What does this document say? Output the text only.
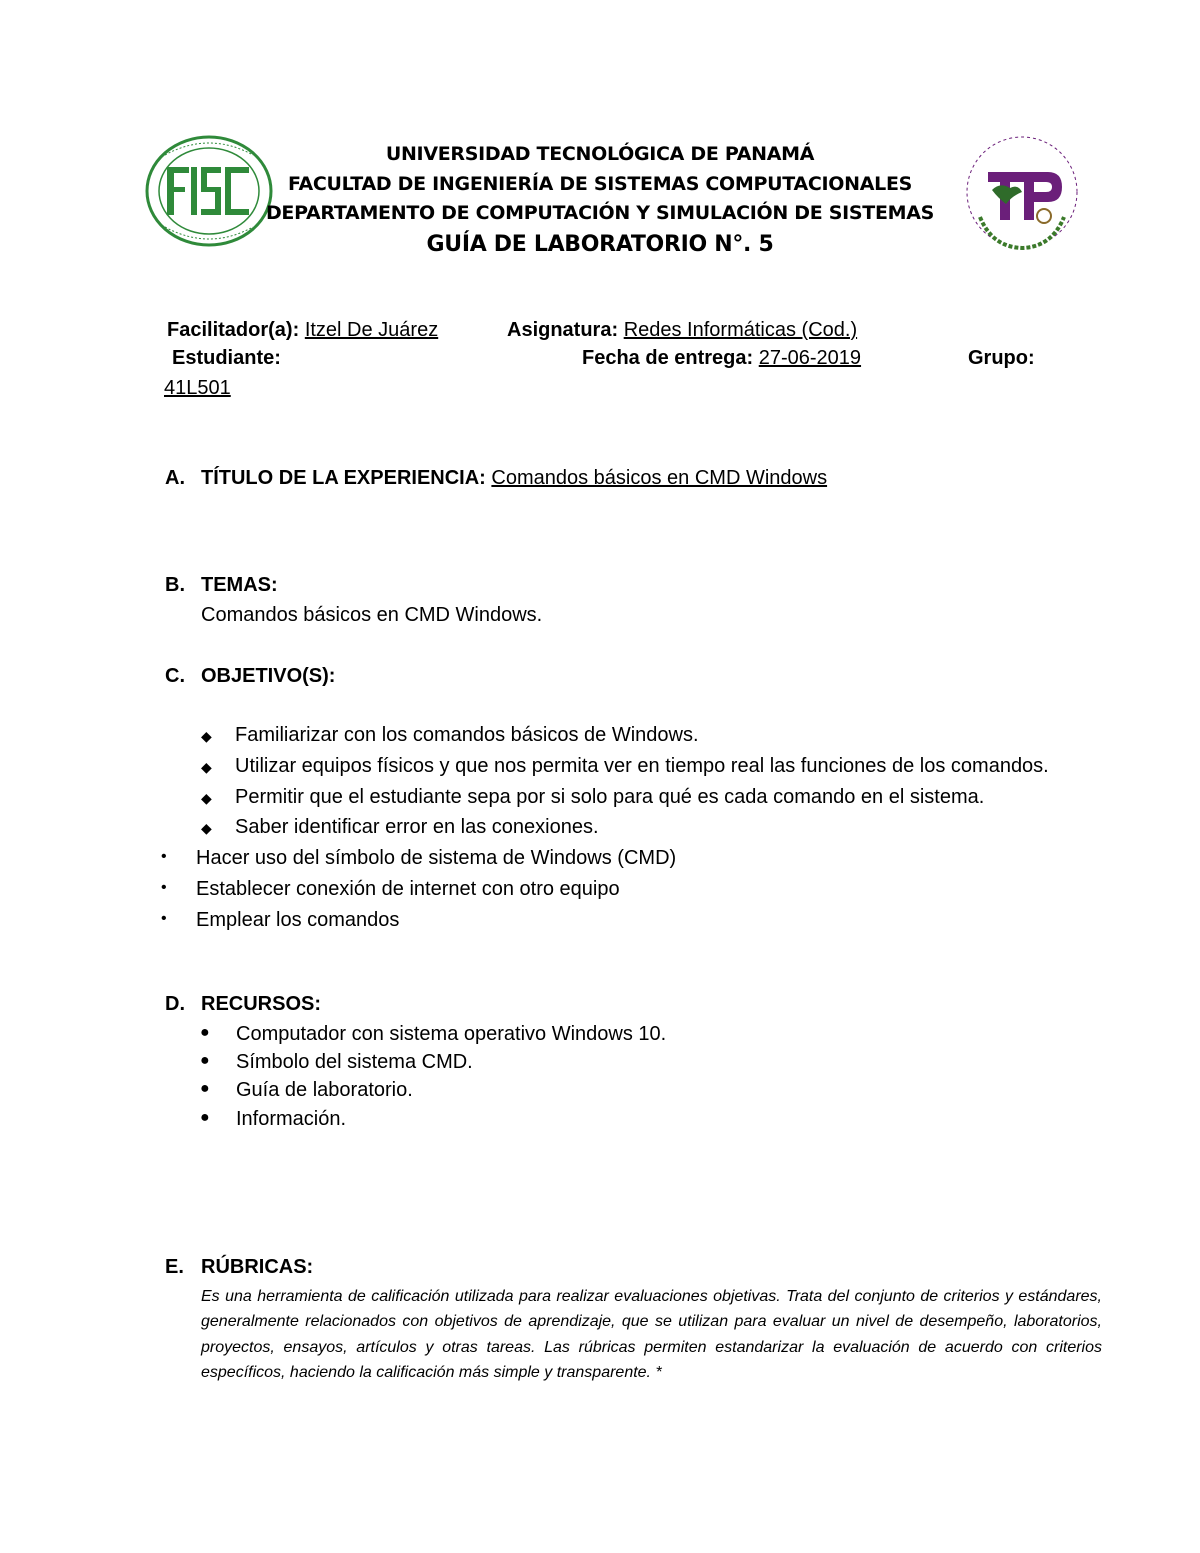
UNIVERSIDAD TECNOLÓGICA DE PANAMÁ
FACULTAD DE INGENIERÍA DE SISTEMAS COMPUTACIONALES
DEPARTAMENTO DE COMPUTACIÓN Y SIMULACIÓN DE SISTEMAS
GUÍA DE LABORATORIO N°. 5
Facilitador(a): Itzel De Juárez	Asignatura: Redes Informáticas (Cod.)
Estudiante:	Fecha de entrega: 27-06-2019	Grupo:
41L501
A. TÍTULO DE LA EXPERIENCIA: Comandos básicos en CMD Windows
B. TEMAS:
Comandos básicos en CMD Windows.
C. OBJETIVO(S):
◆ Familiarizar con los comandos básicos de Windows.
◆ Utilizar equipos físicos y que nos permita ver en tiempo real las funciones de los comandos.
◆ Permitir que el estudiante sepa por si solo para qué es cada comando en el sistema.
◆ Saber identificar error en las conexiones.
• Hacer uso del símbolo de sistema de Windows (CMD)
• Establecer conexión de internet con otro equipo
• Emplear los comandos
D. RECURSOS:
● Computador con sistema operativo Windows 10.
● Símbolo del sistema CMD.
● Guía de laboratorio.
● Información.
E. RÚBRICAS:
Es una herramienta de calificación utilizada para realizar evaluaciones objetivas. Trata del conjunto de criterios y estándares, generalmente relacionados con objetivos de aprendizaje, que se utilizan para evaluar un nivel de desempeño, laboratorios, proyectos, ensayos, artículos y otras tareas. Las rúbricas permiten estandarizar la evaluación de acuerdo con criterios específicos, haciendo la calificación más simple y transparente. *
